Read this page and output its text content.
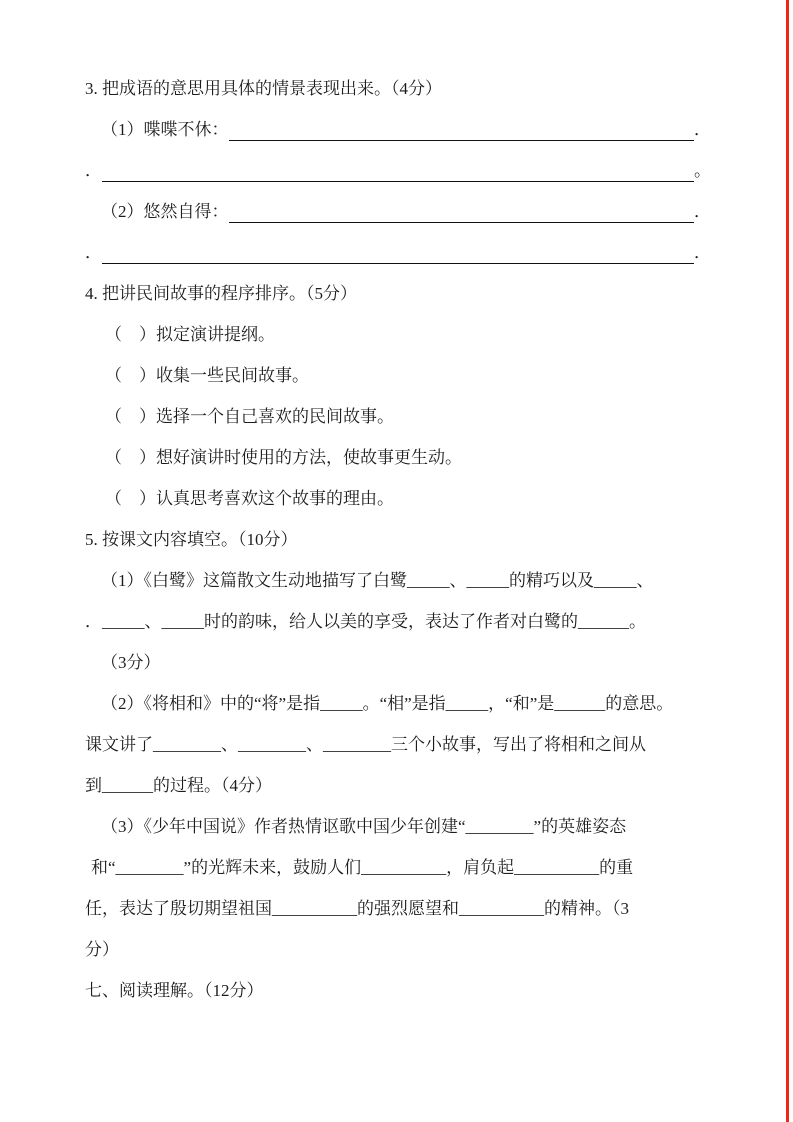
3. 把成语的意思用具体的情景表现出来。（4分）

（1）喋喋不休：	．
．	。
（2）悠然自得：	．
．	．

4. 把讲民间故事的程序排序。（5分）

（　）拟定演讲提纲。

（　）收集一些民间故事。

（　）选择一个自己喜欢的民间故事。

（　）想好演讲时使用的方法，使故事更生动。

（　）认真思考喜欢这个故事的理由。

5. 按课文内容填空。（10分）

（1）《白鹭》这篇散文生动地描写了白鹭_____、_____的精巧以及_____、

．_____、_____时的韵味，给人以美的享受，表达了作者对白鹭的______。

（3分）

（2）《将相和》中的“将”是指_____。“相”是指_____，“和”是______的意思。

课文讲了________、________、________三个小故事，写出了将相和之间从

到______的过程。（4分）

（3）《少年中国说》作者热情讴歌中国少年创建“________”的英雄姿态

和“________”的光辉未来，鼓励人们__________，肩负起__________的重

任，表达了殷切期望祖国__________的强烈愿望和__________的精神。（3

分）

七、阅读理解。（12分）
